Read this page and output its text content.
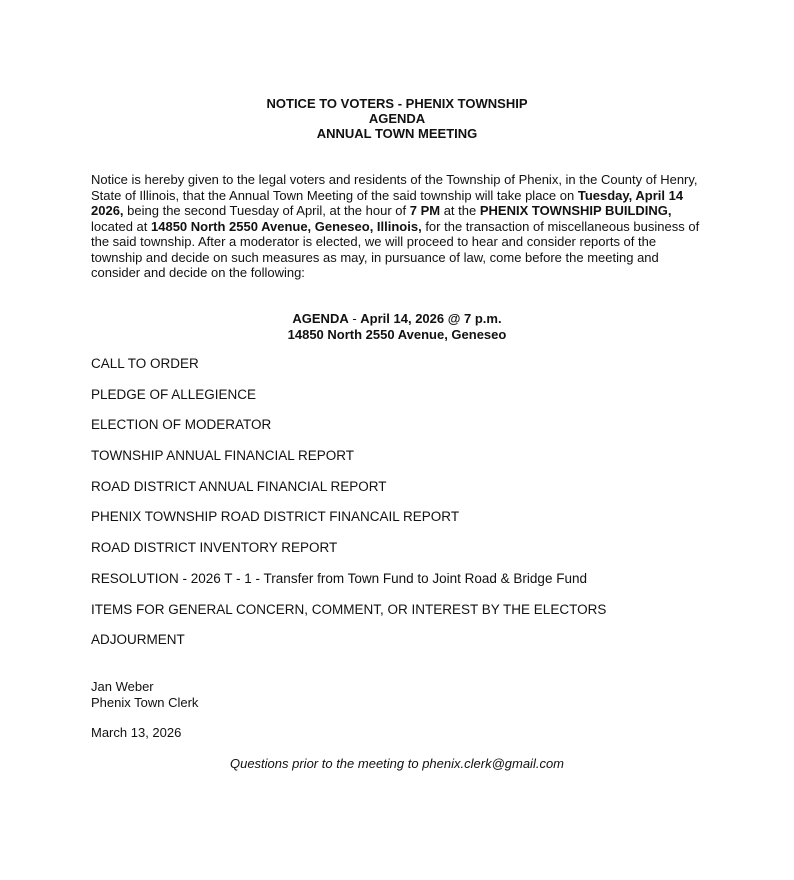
NOTICE TO VOTERS - PHENIX TOWNSHIP
AGENDA
ANNUAL TOWN MEETING
Notice is hereby given to the legal voters and residents of the Township of Phenix, in the County of Henry, State of Illinois, that the Annual Town Meeting of the said township will take place on Tuesday, April 14 2026, being the second Tuesday of April, at the hour of 7 PM at the PHENIX TOWNSHIP BUILDING, located at 14850 North 2550 Avenue, Geneseo, Illinois, for the transaction of miscellaneous business of the said township. After a moderator is elected, we will proceed to hear and consider reports of the township and decide on such measures as may, in pursuance of law, come before the meeting and consider and decide on the following:
AGENDA - April 14, 2026 @ 7 p.m.
14850 North 2550 Avenue, Geneseo
CALL TO ORDER
PLEDGE OF ALLEGIENCE
ELECTION OF MODERATOR
TOWNSHIP ANNUAL FINANCIAL REPORT
ROAD DISTRICT ANNUAL FINANCIAL REPORT
PHENIX TOWNSHIP ROAD DISTRICT FINANCAIL REPORT
ROAD DISTRICT INVENTORY REPORT
RESOLUTION - 2026 T - 1 - Transfer from Town Fund to Joint Road & Bridge Fund
ITEMS FOR GENERAL CONCERN, COMMENT, OR INTEREST BY THE ELECTORS
ADJOURMENT
Jan Weber
Phenix Town Clerk
March 13, 2026
Questions prior to the meeting to phenix.clerk@gmail.com
